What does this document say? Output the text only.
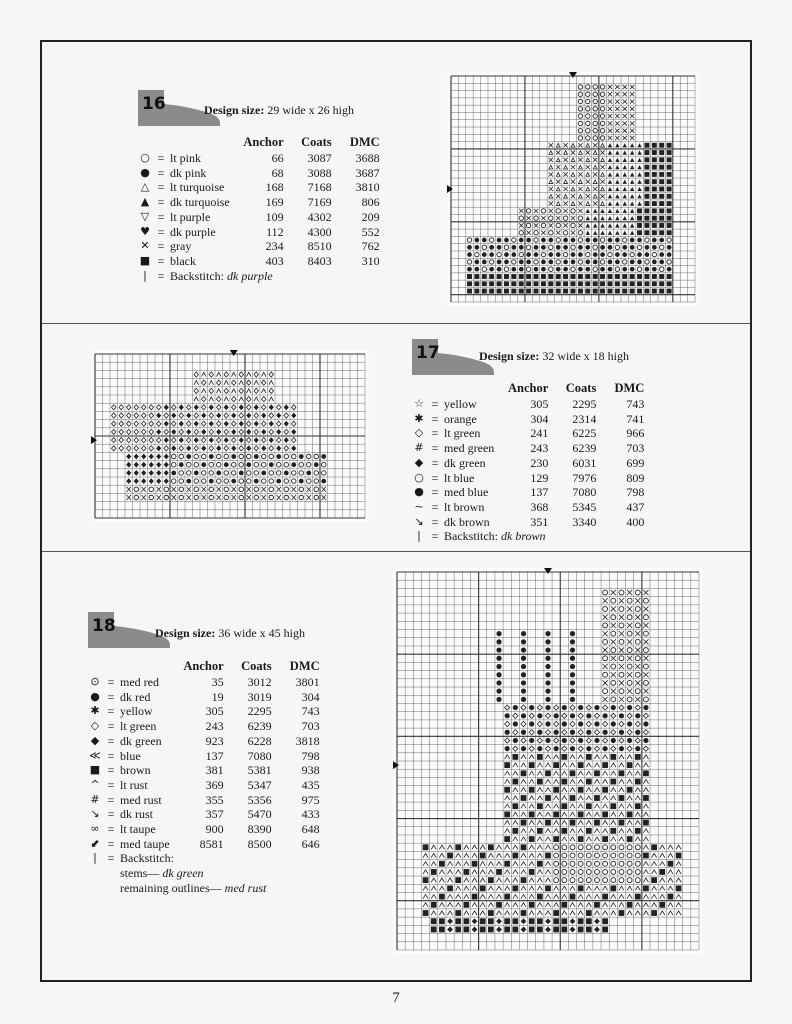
16	Design size: 29 wide x 26 high
			Anchor	Coats	DMC
○	=	lt pink	66	3087	3688
●	=	dk pink	68	3088	3687
△	=	lt turquoise	168	7168	3810
▲	=	dk turquoise	169	7169	806
▽	=	lt purple	109	4302	209
♥	=	dk purple	112	4300	552
✕	=	gray	234	8510	762
■	=	black	403	8403	310
|	=	Backstitch: dk purple			
17	Design size: 32 wide x 18 high
			Anchor	Coats	DMC
☆	=	yellow	305	2295	743
✱	=	orange	304	2314	741
◇	=	lt green	241	6225	966
#	=	med green	243	6239	703
◆	=	dk green	230	6031	699
○	=	lt blue	129	7976	809
●	=	med blue	137	7080	798
~	=	lt brown	368	5345	437
↘	=	dk brown	351	3340	400
|	=	Backstitch: dk brown			
18	Design size: 36 wide x 45 high
			Anchor	Coats	DMC
⊙	=	med red	35	3012	3801
●	=	dk red	19	3019	304
✱	=	yellow	305	2295	743
◇	=	lt green	243	6239	703
◆	=	dk green	923	6228	3818
≪	=	blue	137	7080	798
■	=	brown	381	5381	938
^	=	lt rust	369	5347	435
#	=	med rust	355	5356	975
↘	=	dk rust	357	5470	433
∞	=	lt taupe	900	8390	648
⬋	=	med taupe	8581	8500	646
|	=	Backstitch:			
		stems— dk green			
		remaining outlines— med rust			
7
